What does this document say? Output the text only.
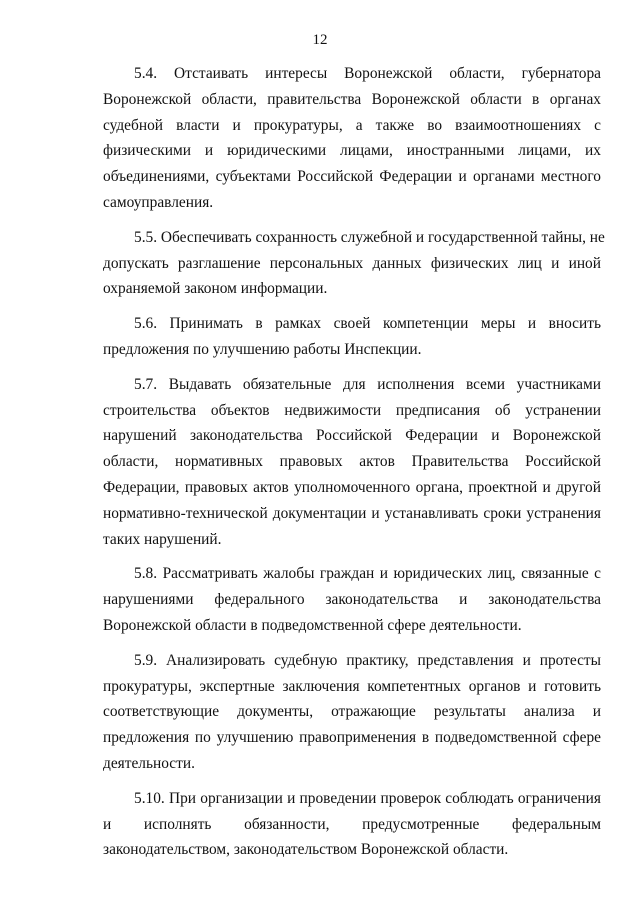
12

5.4. Отстаивать интересы Воронежской области, губернатора
Воронежской области, правительства Воронежской области в органах
судебной власти и прокуратуры, а также во взаимоотношениях с
физическими и юридическими лицами, иностранными лицами, их
объединениями, субъектами Российской Федерации и органами местного
самоуправления.

5.5. Обеспечивать сохранность служебной и государственной тайны, не
допускать разглашение персональных данных физических лиц и иной
охраняемой законом информации.

5.6. Принимать в рамках своей компетенции меры и вносить
предложения по улучшению работы Инспекции.

5.7. Выдавать обязательные для исполнения всеми участниками
строительства объектов недвижимости предписания об устранении
нарушений законодательства Российской Федерации и Воронежской
области, нормативных правовых актов Правительства Российской
Федерации, правовых актов уполномоченного органа, проектной и другой
нормативно-технической документации и устанавливать сроки устранения
таких нарушений.

5.8. Рассматривать жалобы граждан и юридических лиц, связанные с
нарушениями федерального законодательства и законодательства
Воронежской области в подведомственной сфере деятельности.

5.9. Анализировать судебную практику, представления и протесты
прокуратуры, экспертные заключения компетентных органов и готовить
соответствующие документы, отражающие результаты анализа и
предложения по улучшению правоприменения в подведомственной сфере
деятельности.

5.10. При организации и проведении проверок соблюдать ограничения
и исполнять обязанности, предусмотренные федеральным
законодательством, законодательством Воронежской области.
